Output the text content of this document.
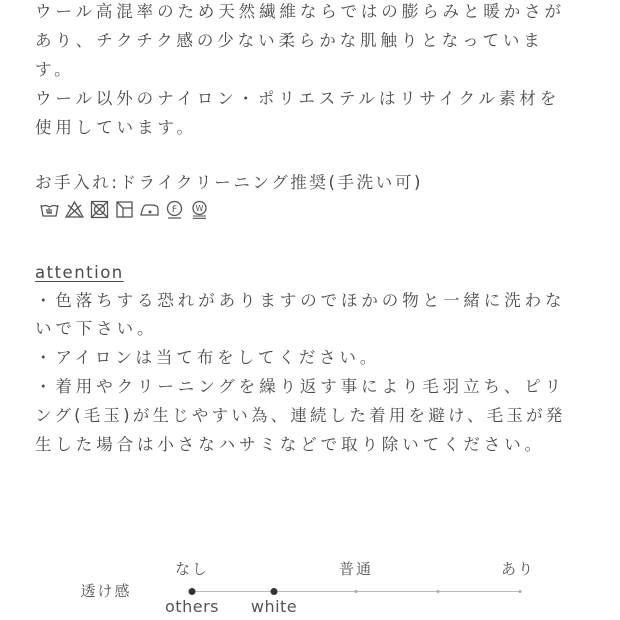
ウール高混率のため天然繊維ならではの膨らみと暖かさが
あり、チクチク感の少ない柔らかな肌触りとなっていま
す。
ウール以外のナイロン・ポリエステルはリサイクル素材を
使用しています。
お手入れ:ドライクリーニング推奨(手洗い可)
F W
attention
・色落ちする恐れがありますのでほかの物と一緒に洗わな
いで下さい。
・アイロンは当て布をしてください。
・着用やクリーニングを繰り返す事により毛羽立ち、ピリ
ング(毛玉)が生じやすい為、連続した着用を避け、毛玉が発
生した場合は小さなハサミなどで取り除いてください。
透け感
なし	普通	あり
others white
